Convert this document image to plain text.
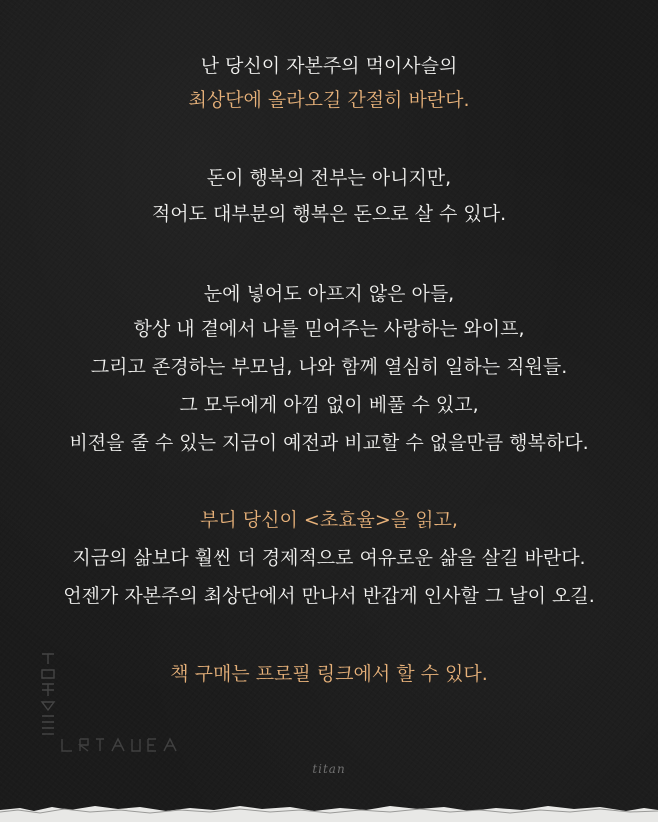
난 당신이 자본주의 먹이사슬의
최상단에 올라오길 간절히 바란다.
돈이 행복의 전부는 아니지만,
적어도 대부분의 행복은 돈으로 살 수 있다.
눈에 넣어도 아프지 않은 아들,
항상 내 곁에서 나를 믿어주는 사랑하는 와이프,
그리고 존경하는 부모님, 나와 함께 열심히 일하는 직원들.
그 모두에게 아낌 없이 베풀 수 있고,
비젼을 줄 수 있는 지금이 예전과 비교할 수 없을만큼 행복하다.
부디 당신이 <초효율>을 읽고,
지금의 삶보다 훨씬 더 경제적으로 여유로운 삶을 살길 바란다.
언젠가 자본주의 최상단에서 만나서 반갑게 인사할 그 날이 오길.
책 구매는 프로필 링크에서 할 수 있다.
titan
